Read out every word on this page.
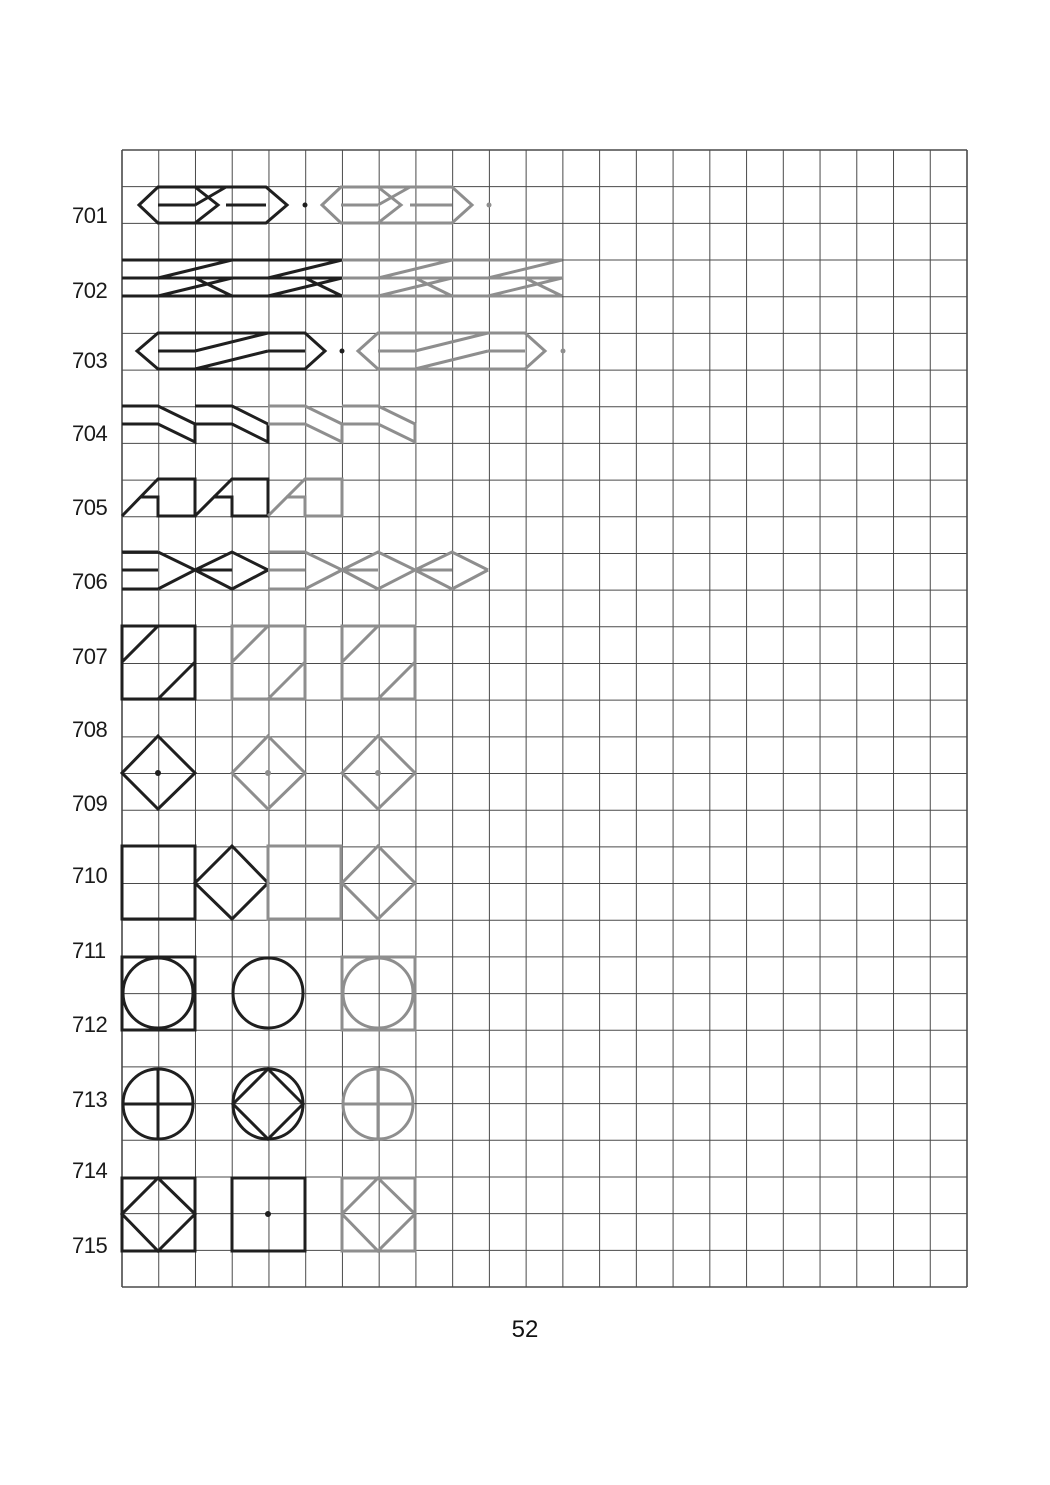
701
702
703
704
705
706
707
708
709
710
711
712
713
714
715
52
